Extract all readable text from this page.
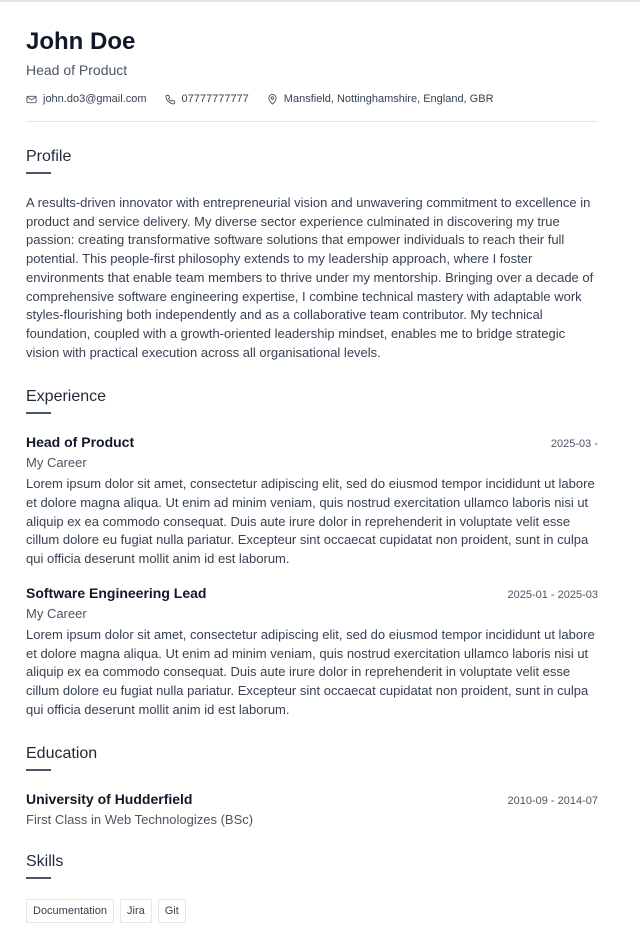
John Doe
Head of Product
john.do3@gmail.com	07777777777	Mansfield, Nottinghamshire, England, GBR
Profile

A results-driven innovator with entrepreneurial vision and unwavering commitment to excellence in product and service delivery. My diverse sector experience culminated in discovering my true passion: creating transformative software solutions that empower individuals to reach their full potential. This people-first philosophy extends to my leadership approach, where I foster environments that enable team members to thrive under my mentorship. Bringing over a decade of comprehensive software engineering expertise, I combine technical mastery with adaptable work styles-flourishing both independently and as a collaborative team contributor. My technical foundation, coupled with a growth-oriented leadership mindset, enables me to bridge strategic vision with practical execution across all organisational levels.

Experience
Head of Product	2025-03 -
My Career

Lorem ipsum dolor sit amet, consectetur adipiscing elit, sed do eiusmod tempor incididunt ut labore et dolore magna aliqua. Ut enim ad minim veniam, quis nostrud exercitation ullamco laboris nisi ut aliquip ex ea commodo consequat. Duis aute irure dolor in reprehenderit in voluptate velit esse cillum dolore eu fugiat nulla pariatur. Excepteur sint occaecat cupidatat non proident, sunt in culpa qui officia deserunt mollit anim id est laborum.

Software Engineering Lead	2025-01 - 2025-03
My Career

Lorem ipsum dolor sit amet, consectetur adipiscing elit, sed do eiusmod tempor incididunt ut labore et dolore magna aliqua. Ut enim ad minim veniam, quis nostrud exercitation ullamco laboris nisi ut aliquip ex ea commodo consequat. Duis aute irure dolor in reprehenderit in voluptate velit esse cillum dolore eu fugiat nulla pariatur. Excepteur sint occaecat cupidatat non proident, sunt in culpa qui officia deserunt mollit anim id est laborum.

Education
University of Hudderfield	2010-09 - 2014-07
First Class in Web Technologizes (BSc)
Skills
Documentation	Jira	Git
